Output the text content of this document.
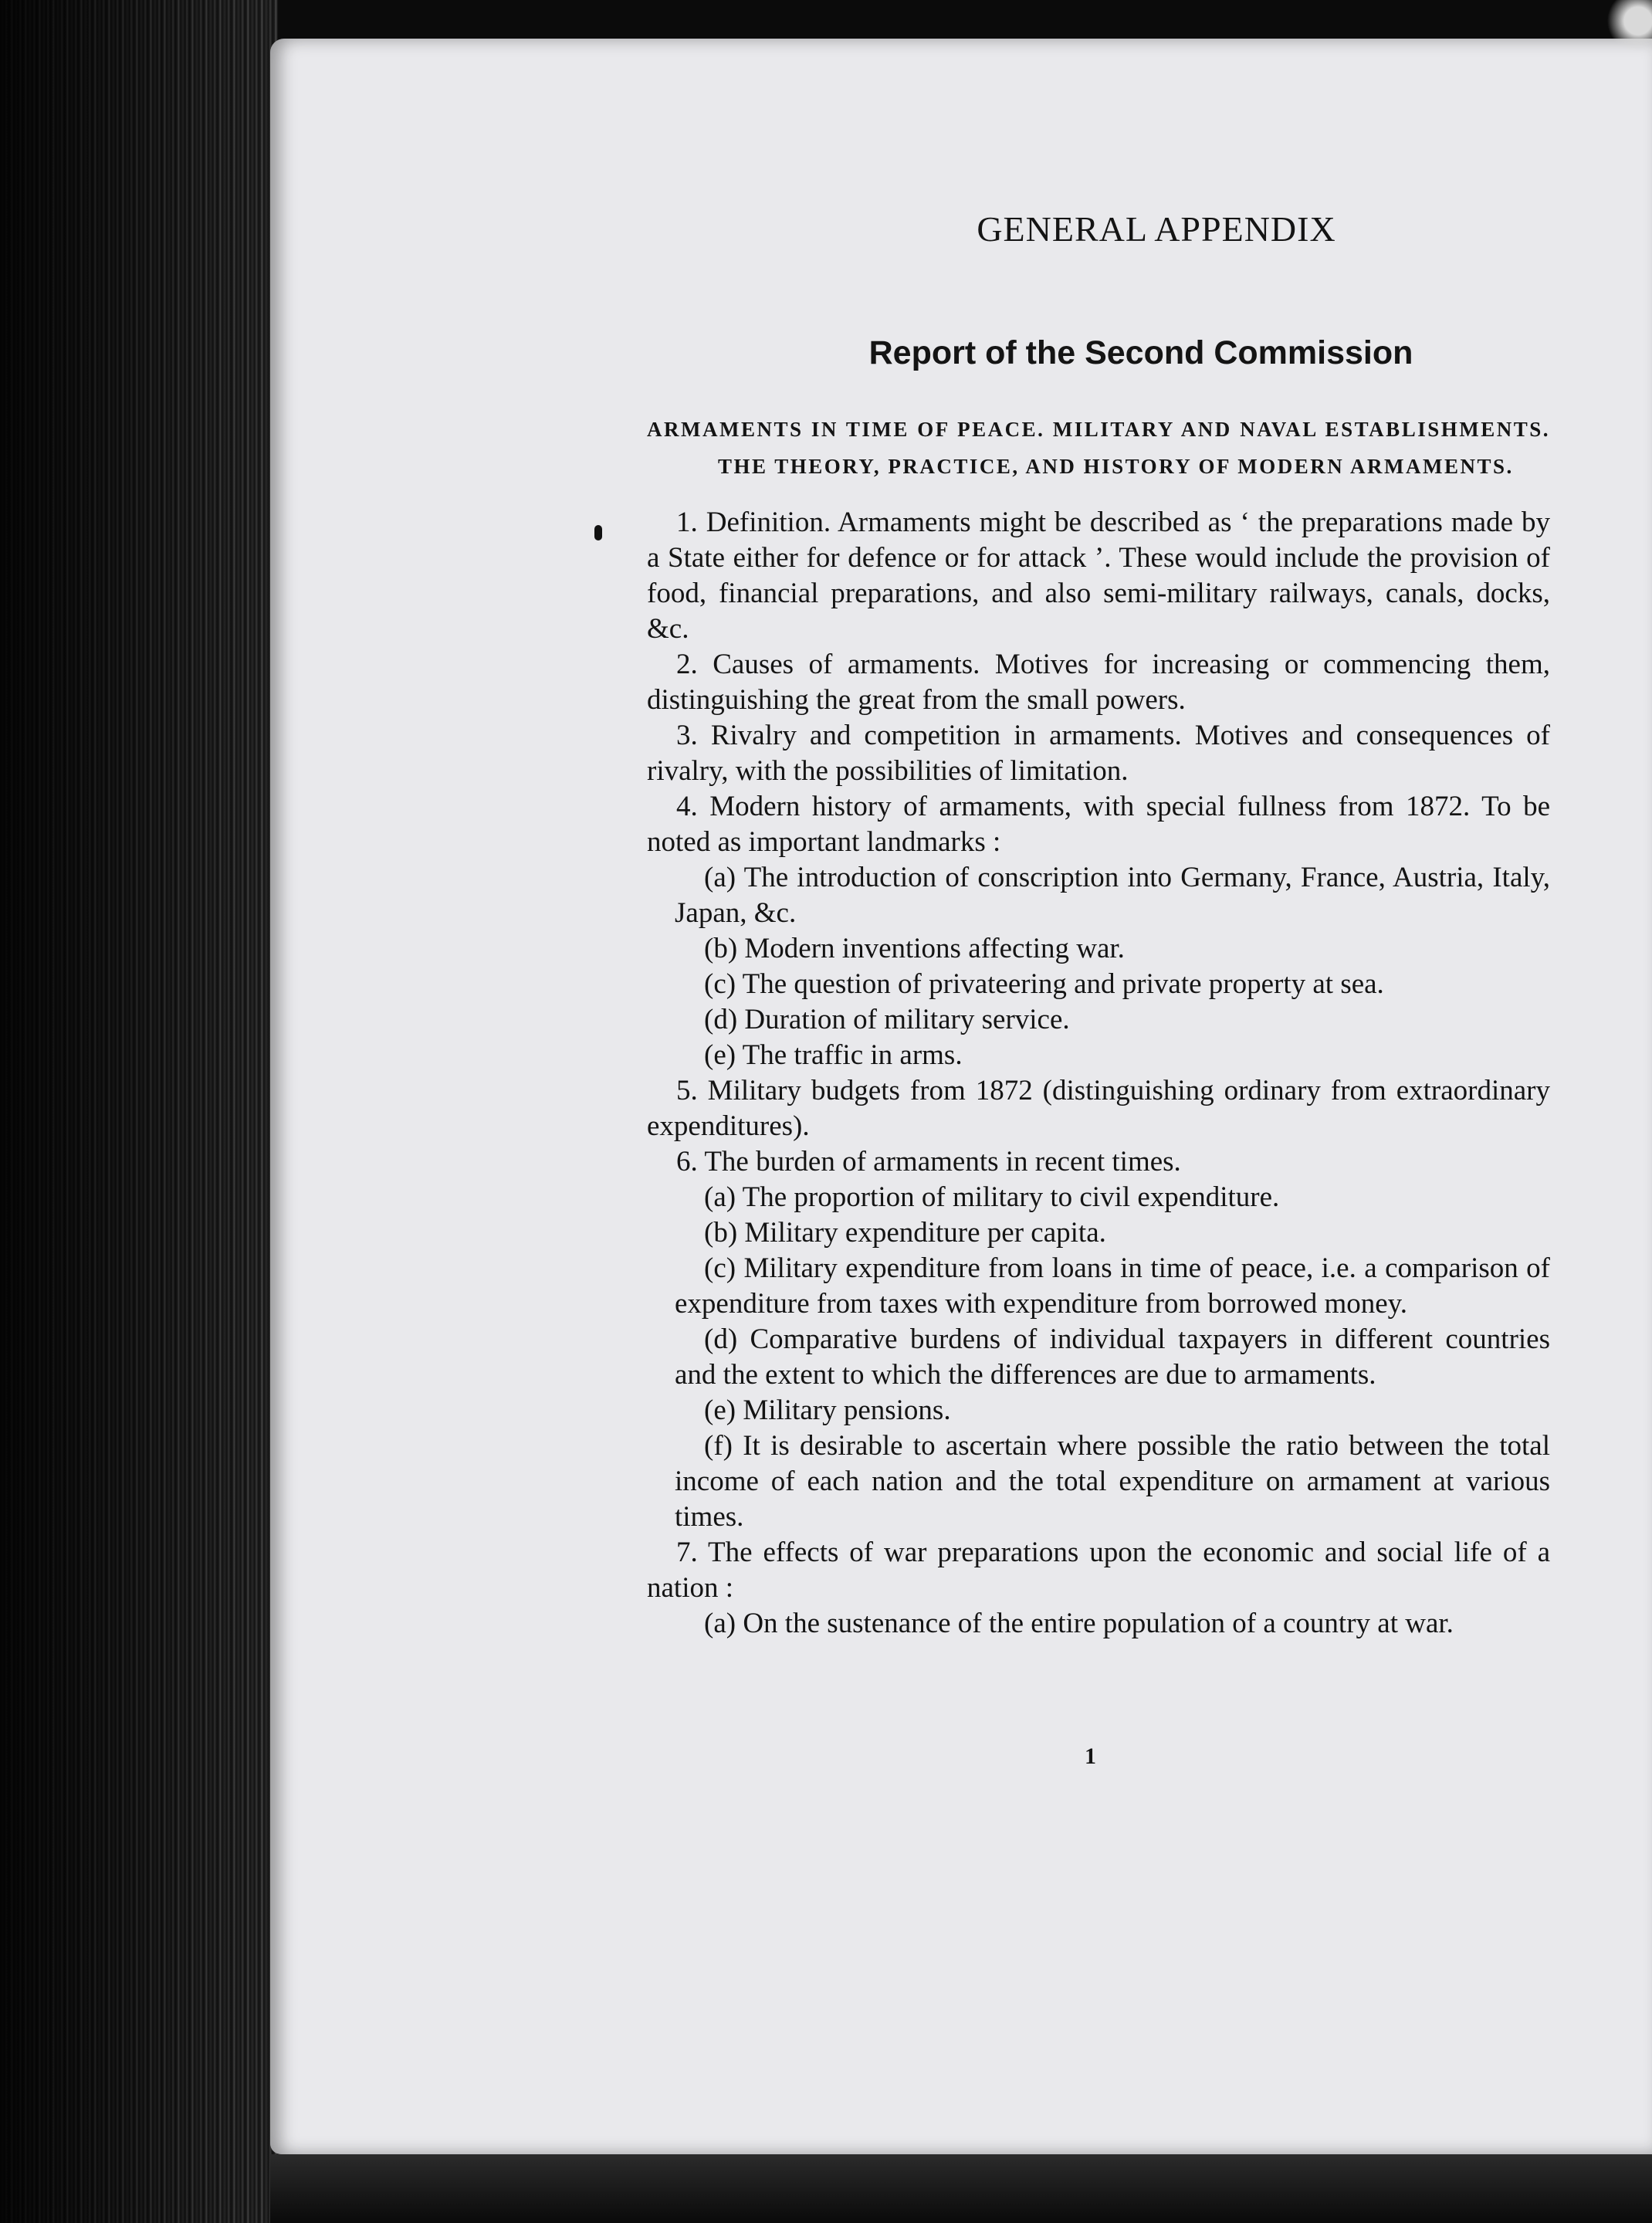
GENERAL APPENDIX
Report of the Second Commission

ARMAMENTS IN TIME OF PEACE. MILITARY AND NAVAL ESTABLISHMENTS. THE THEORY, PRACTICE, AND HISTORY OF MODERN ARMAMENTS.

1. Definition. Armaments might be described as ‘ the preparations made by a State either for defence or for attack ’. These would include the provision of food, financial preparations, and also semi-military railways, canals, docks, &c.

2. Causes of armaments. Motives for increasing or commencing them, distinguishing the great from the small powers.

3. Rivalry and competition in armaments. Motives and consequences of rivalry, with the possibilities of limitation.

4. Modern history of armaments, with special fullness from 1872. To be noted as important landmarks :

(a) The introduction of conscription into Germany, France, Austria, Italy, Japan, &c.

(b) Modern inventions affecting war.

(c) The question of privateering and private property at sea.

(d) Duration of military service.

(e) The traffic in arms.

5. Military budgets from 1872 (distinguishing ordinary from extraordinary expenditures).

6. The burden of armaments in recent times.

(a) The proportion of military to civil expenditure.

(b) Military expenditure per capita.

(c) Military expenditure from loans in time of peace, i.e. a comparison of expenditure from taxes with expenditure from borrowed money.

(d) Comparative burdens of individual taxpayers in different countries and the extent to which the differences are due to armaments.

(e) Military pensions.

(f) It is desirable to ascertain where possible the ratio between the total income of each nation and the total expenditure on armament at various times.

7. The effects of war preparations upon the economic and social life of a nation :

(a) On the sustenance of the entire population of a country at war.

1
